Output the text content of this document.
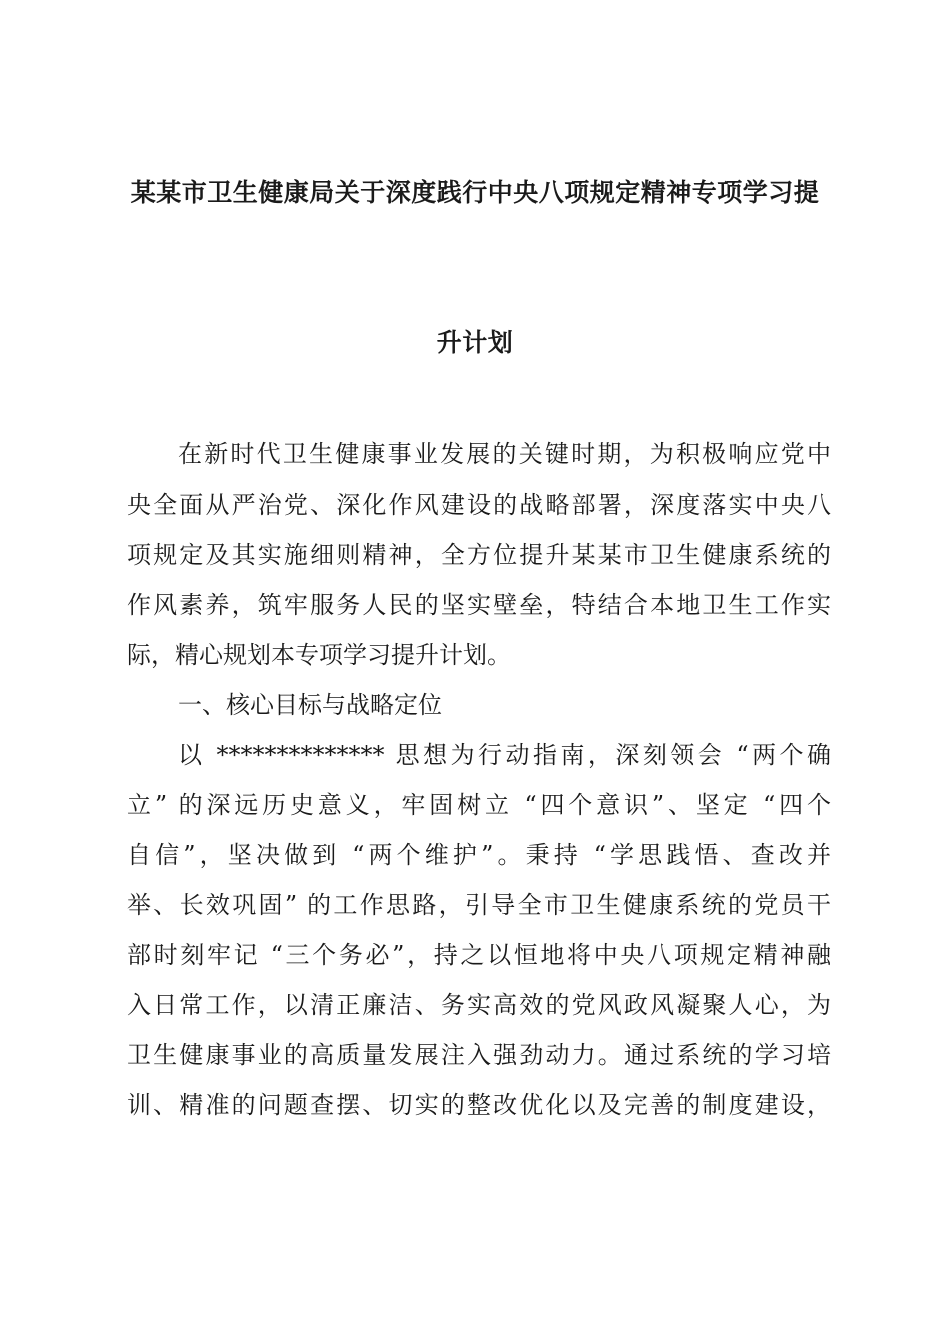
某某市卫生健康局关于深度践行中央八项规定精神专项学习提
升计划
在新时代卫生健康事业发展的关键时期，为积极响应党中
央全面从严治党、深化作风建设的战略部署，深度落实中央八
项规定及其实施细则精神，全方位提升某某市卫生健康系统的
作风素养，筑牢服务人民的坚实壁垒，特结合本地卫生工作实
际，精心规划本专项学习提升计划。
一、核心目标与战略定位
以 ************** 思想为行动指南，深刻领会 “两个确
立” 的深远历史意义，牢固树立 “四个意识”、坚定 “四个
自信”，坚决做到 “两个维护”。秉持 “学思践悟、查改并
举、长效巩固” 的工作思路，引导全市卫生健康系统的党员干
部时刻牢记 “三个务必”，持之以恒地将中央八项规定精神融
入日常工作，以清正廉洁、务实高效的党风政风凝聚人心，为
卫生健康事业的高质量发展注入强劲动力。通过系统的学习培
训、精准的问题查摆、切实的整改优化以及完善的制度建设，
